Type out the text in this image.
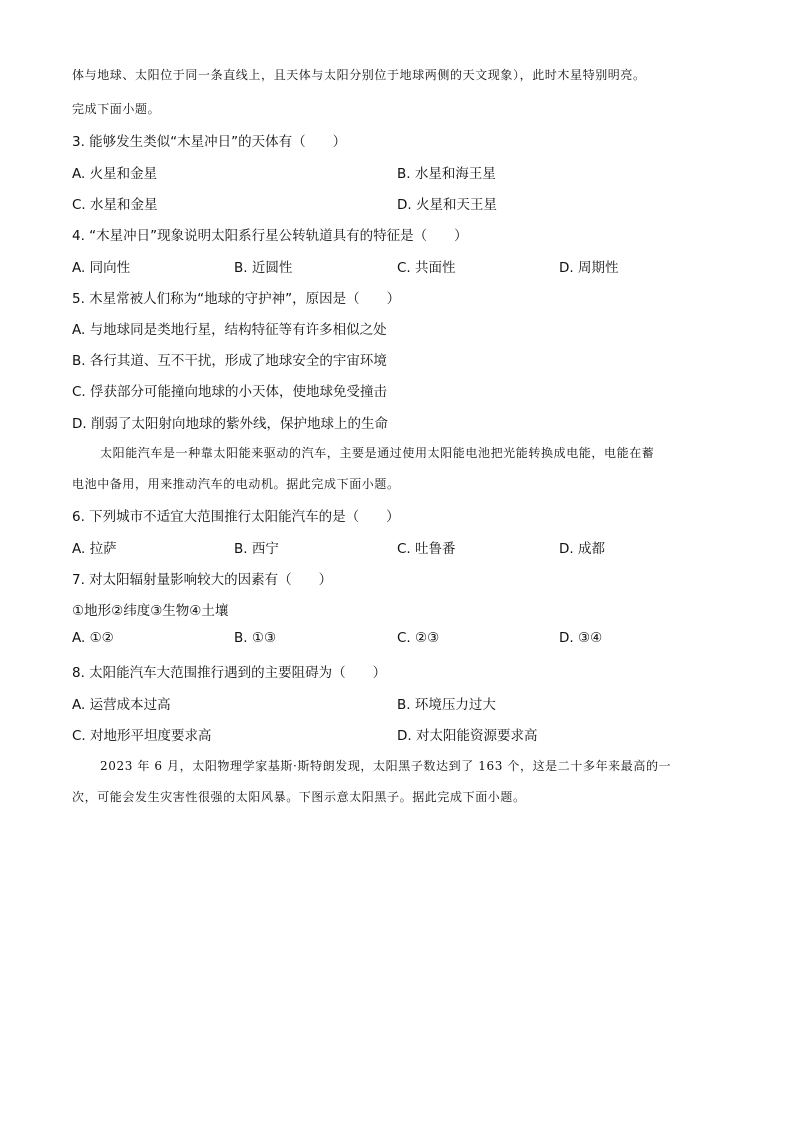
体与地球、太阳位于同一条直线上，且天体与太阳分别位于地球两侧的天文现象），此时木星特别明亮。
完成下面小题。
3. 能够发生类似“木星冲日”的天体有（　　）
A. 火星和金星	B. 水星和海王星
C. 水星和金星	D. 火星和天王星
4. “木星冲日”现象说明太阳系行星公转轨道具有的特征是（　　）
A. 同向性	B. 近圆性	C. 共面性	D. 周期性
5. 木星常被人们称为“地球的守护神”，原因是（　　）
A. 与地球同是类地行星，结构特征等有许多相似之处
B. 各行其道、互不干扰，形成了地球安全的宇宙环境
C. 俘获部分可能撞向地球的小天体，使地球免受撞击
D. 削弱了太阳射向地球的紫外线，保护地球上的生命
太阳能汽车是一种靠太阳能来驱动的汽车，主要是通过使用太阳能电池把光能转换成电能，电能在蓄
电池中备用，用来推动汽车的电动机。据此完成下面小题。
6. 下列城市不适宜大范围推行太阳能汽车的是（　　）
A. 拉萨	B. 西宁	C. 吐鲁番	D. 成都
7. 对太阳辐射量影响较大的因素有（　　）
①地形②纬度③生物④土壤
A. ①②	B. ①③	C. ②③	D. ③④
8. 太阳能汽车大范围推行遇到的主要阻碍为（　　）
A. 运营成本过高	B. 环境压力过大
C. 对地形平坦度要求高	D. 对太阳能资源要求高
2023 年 6 月，太阳物理学家基斯·斯特朗发现，太阳黑子数达到了 163 个，这是二十多年来最高的一
次，可能会发生灾害性很强的太阳风暴。下图示意太阳黑子。据此完成下面小题。
